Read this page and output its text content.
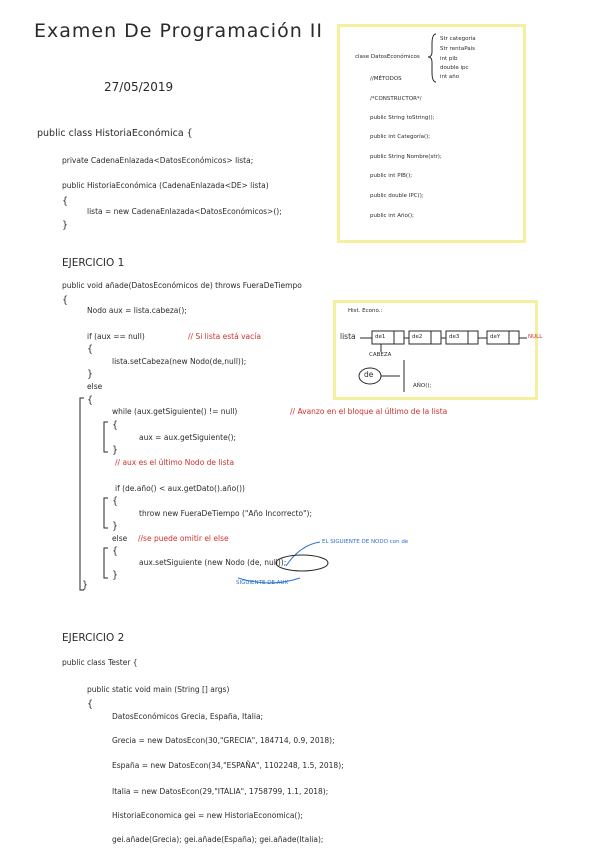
Examen De Programación II
27/05/2019
clase DatosEconómicos
Str categoría
Str rentaPais
int pib
double ipc
int año
//MÉTODOS
/*CONSTRUCTOR*/
public String toString();
public int Categoría();
public String Nombre(str);
public int PIB();
public double IPC();
public int Año();
public class HistoriaEconómica {
private CadenaEnlazada<DatosEconómicos> lista;
public HistoriaEconómica (CadenaEnlazada<DE> lista)
{
lista = new CadenaEnlazada<DatosEconómicos>();
}
EJERCICIO 1
public void añade(DatosEconómicos de) throws FueraDeTiempo
{
Nodo aux = lista.cabeza();
if (aux == null)	// Si lista está vacía
{
lista.setCabeza(new Nodo(de,null));
}
else
{
while (aux.getSiguiente() != null)	// Avanzo en el bloque al último de la lista
{
aux = aux.getSiguiente();
}
// aux es el último Nodo de lista
if (de.año() < aux.getDato().año())
{
throw new FueraDeTiempo ("Año Incorrecto");
}
else //se puede omitir el else
{
aux.setSiguiente (new Nodo (de, null));
}
}
EL SIGUIENTE DE NODO con de
SIGUIENTE DE AUX
Hist. Econo.:
lista	de1	de2	de3	deY	NULL
CABEZA
de
AÑO();
EJERCICIO 2
public class Tester {
public static void main (String [] args)
{
DatosEconómicos Grecia, España, Italia;
Grecia = new DatosEcon(30,"GRECIA", 184714, 0.9, 2018);
España = new DatosEcon(34,"ESPAÑA", 1102248, 1.5, 2018);
Italia = new DatosEcon(29,"ITALIA", 1758799, 1.1, 2018);
HistoriaEconomica gei = new HistoriaEconomica();
gei.añade(Grecia); gei.añade(España); gei.añade(Italia);
